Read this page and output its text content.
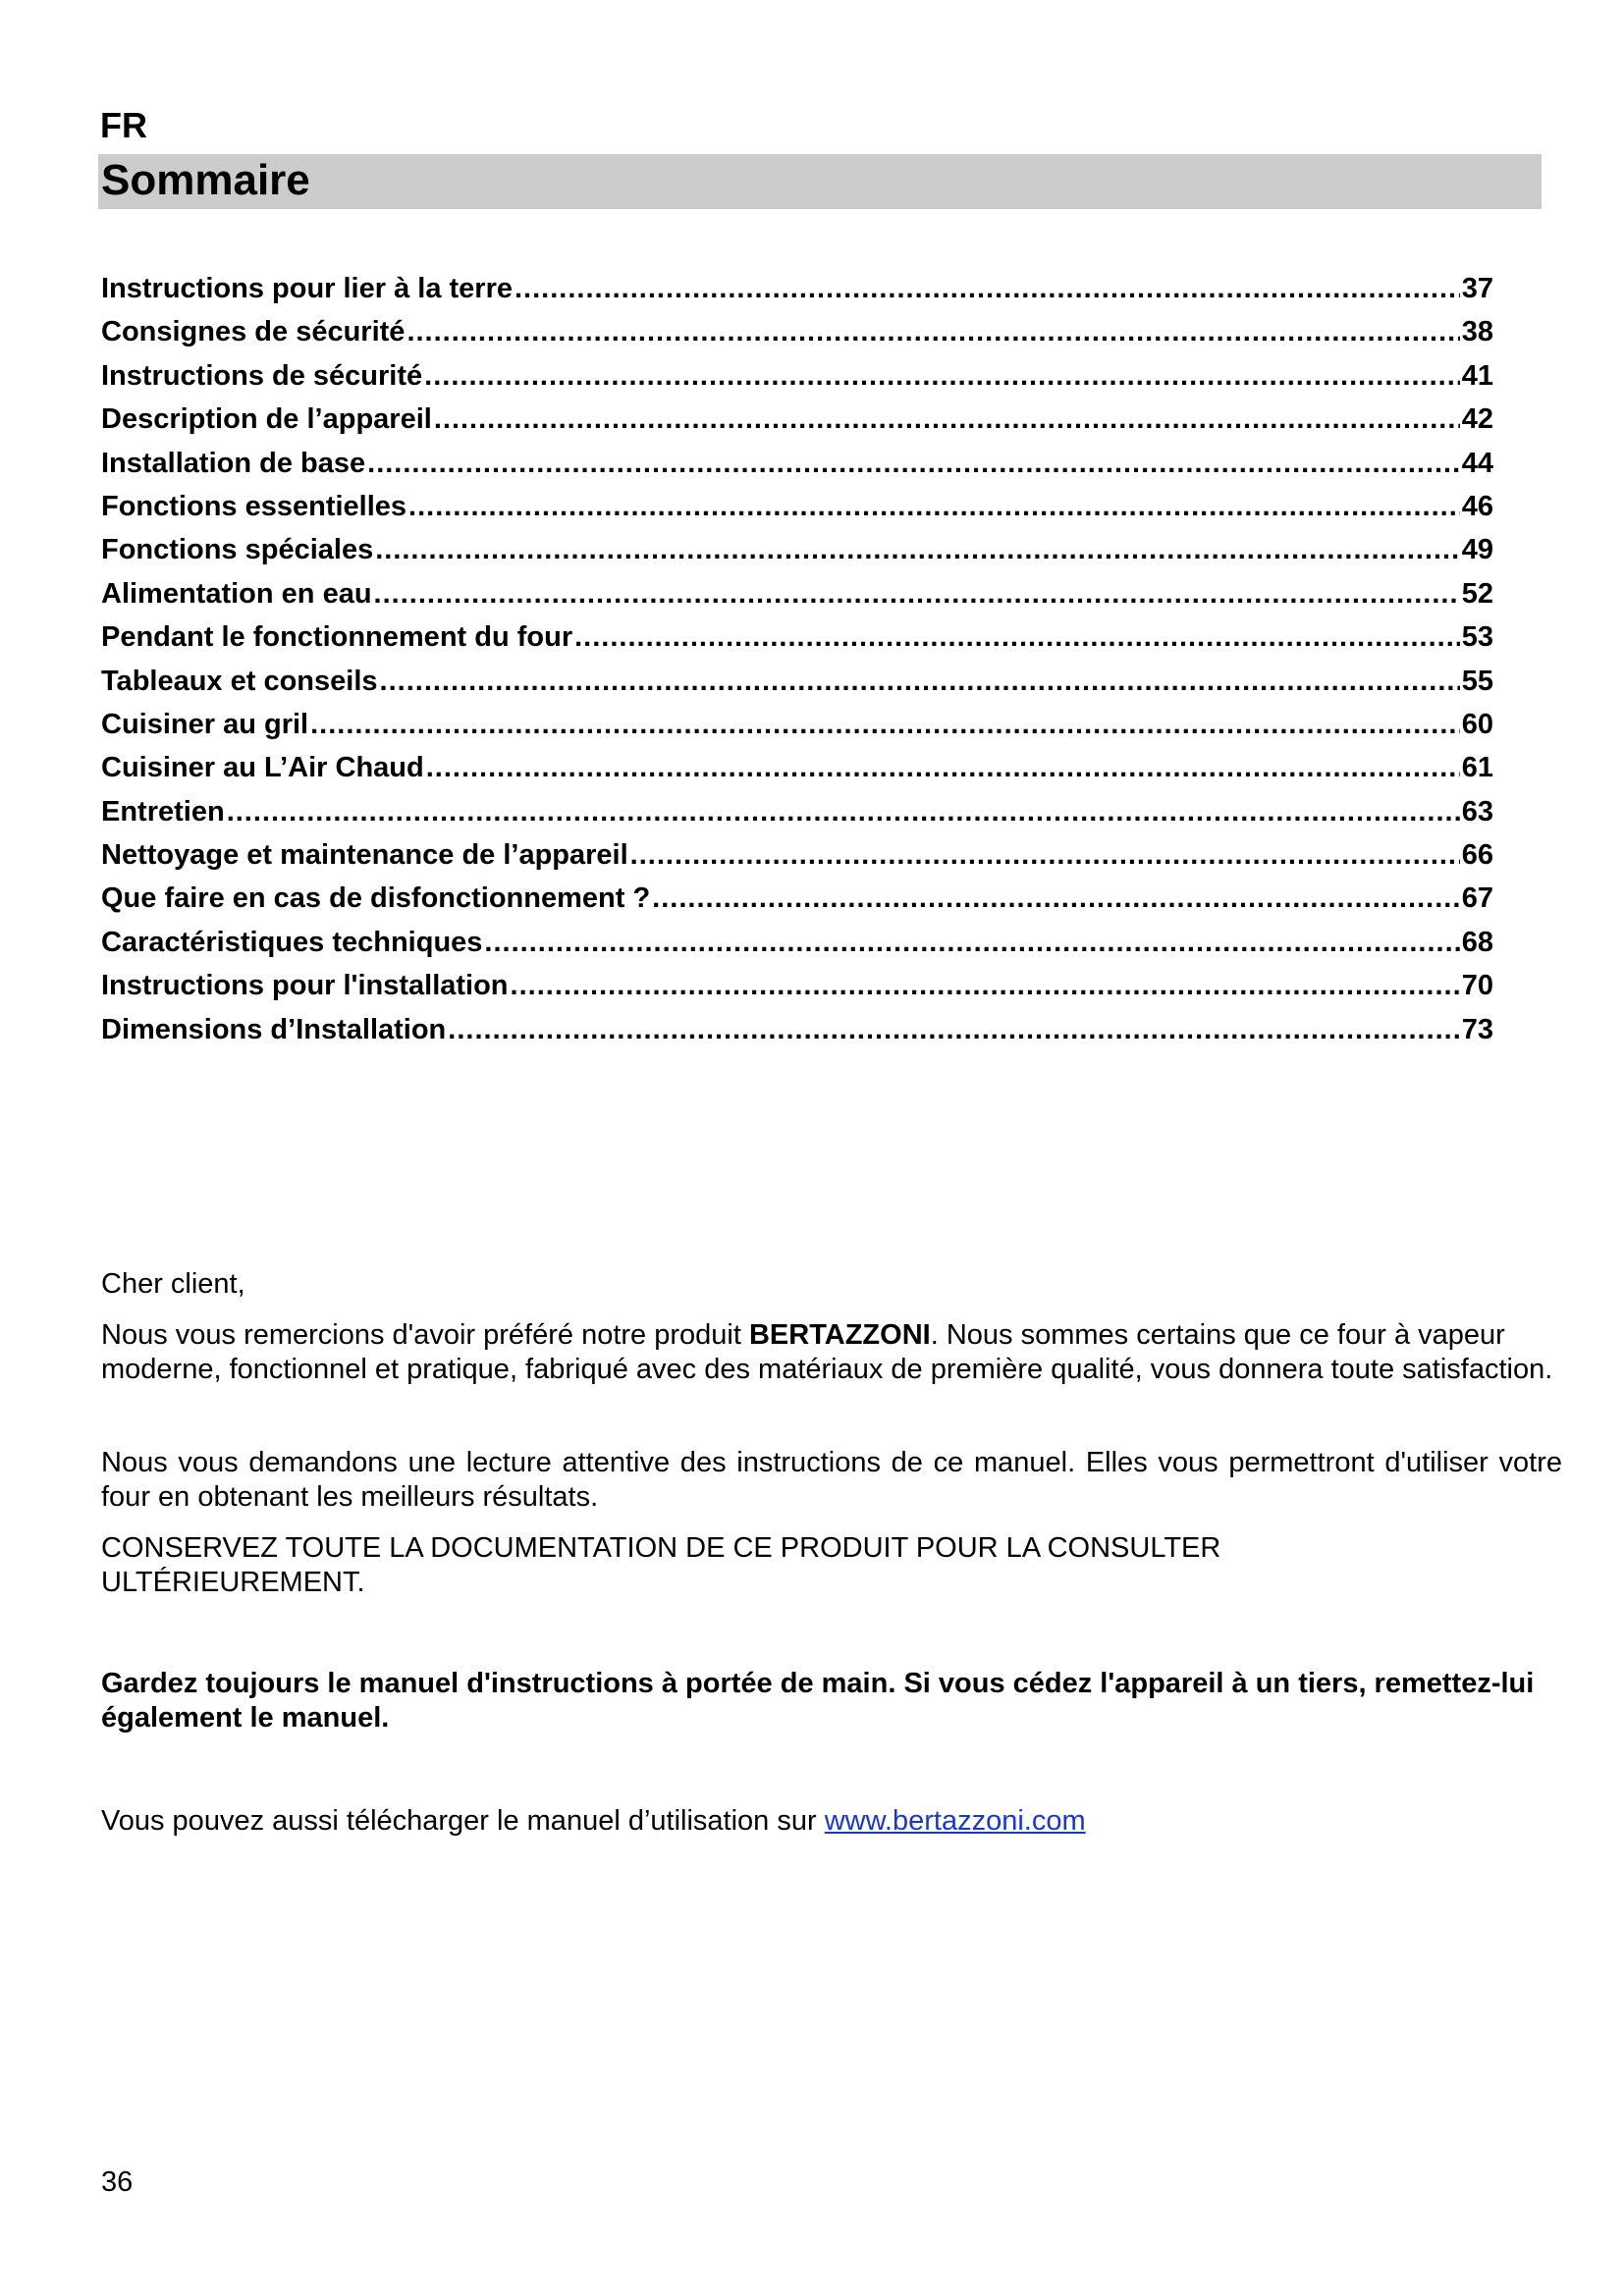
FR
Sommaire
Instructions pour lier à la terre .....	37
Consignes de sécurité .....	38
Instructions de sécurité .....	41
Description de l’appareil .....	42
Installation de base .....	44
Fonctions essentielles .....	46
Fonctions spéciales .....	49
Alimentation en eau .....	52
Pendant le fonctionnement du four .....	53
Tableaux et conseils .....	55
Cuisiner au gril .....	60
Cuisiner au L’Air Chaud .....	61
Entretien .....	63
Nettoyage et maintenance de l’appareil .....	66
Que faire en cas de disfonctionnement ? .....	67
Caractéristiques techniques .....	68
Instructions pour l'installation .....	70
Dimensions d’Installation .....	73

Cher client,

Nous vous remercions d'avoir préféré notre produit BERTAZZONI. Nous sommes certains que ce four à vapeur moderne, fonctionnel et pratique, fabriqué avec des matériaux de première qualité, vous donnera toute satisfaction.

Nous vous demandons une lecture attentive des instructions de ce manuel. Elles vous permettront d'utiliser votre four en obtenant les meilleurs résultats.

CONSERVEZ TOUTE LA DOCUMENTATION DE CE PRODUIT POUR LA CONSULTER ULTÉRIEUREMENT.

Gardez toujours le manuel d'instructions à portée de main. Si vous cédez l'appareil à un tiers, remettez-lui également le manuel.

Vous pouvez aussi télécharger le manuel d’utilisation sur www.bertazzoni.com

36
